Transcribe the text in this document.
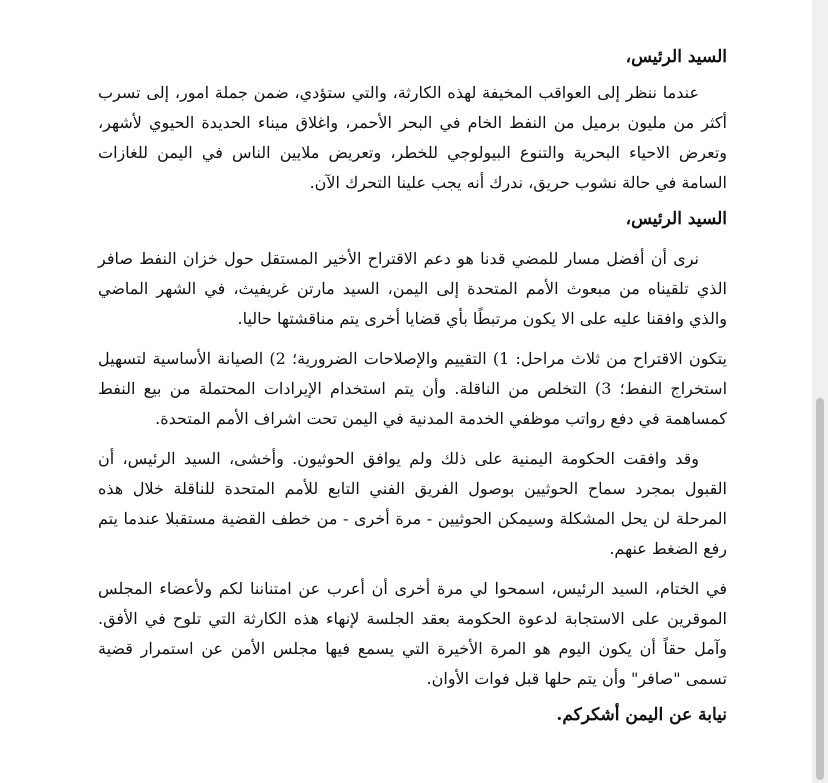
السيد الرئيس،

عندما ننظر إلى العواقب المخيفة لهذه الكارثة، والتي ستؤدي، ضمن جملة امور، إلى تسرب أكثر من مليون برميل من النفط الخام في البحر الأحمر، واغلاق ميناء الحديدة الحيوي لأشهر، وتعرض الاحياء البحرية والتنوع البيولوجي للخطر، وتعريض ملايين الناس في اليمن للغازات السامة في حالة نشوب حريق، ندرك أنه يجب علينا التحرك الآن.

السيد الرئيس،

نرى أن أفضل مسار للمضي قدنا هو دعم الاقتراح الأخير المستقل حول خزان النفط صافر الذي تلقيناه من مبعوث الأمم المتحدة إلى اليمن، السيد مارتن غريفيث، في الشهر الماضي والذي وافقنا عليه على الا يكون مرتبطًا بأي قضايا أخرى يتم مناقشتها حاليا.

يتكون الاقتراح من ثلاث مراحل: 1) التقييم والإصلاحات الضرورية؛ 2) الصيانة الأساسية لتسهيل استخراج النفط؛ 3) التخلص من الناقلة. وأن يتم استخدام الإيرادات المحتملة من بيع النفط كمساهمة في دفع رواتب موظفي الخدمة المدنية في اليمن تحت اشراف الأمم المتحدة.

وقد وافقت الحكومة اليمنية على ذلك ولم يوافق الحوثيون. وأخشى، السيد الرئيس، أن القبول بمجرد سماح الحوثيين بوصول الفريق الفني التابع للأمم المتحدة للناقلة خلال هذه المرحلة لن يحل المشكلة وسيمكن الحوثيين - مرة أخرى - من خطف القضية مستقبلا عندما يتم رفع الضغط عنهم.

في الختام، السيد الرئيس، اسمحوا لي مرة أخرى أن أعرب عن امتناننا لكم ولأعضاء المجلس الموقرين على الاستجابة لدعوة الحكومة بعقد الجلسة لإنهاء هذه الكارثة التي تلوح في الأفق. وآمل حقاً أن يكون اليوم هو المرة الأخيرة التي يسمع فيها مجلس الأمن عن استمرار قضية تسمى "صافر" وأن يتم حلها قبل فوات الأوان.

نيابة عن اليمن أشكركم.
